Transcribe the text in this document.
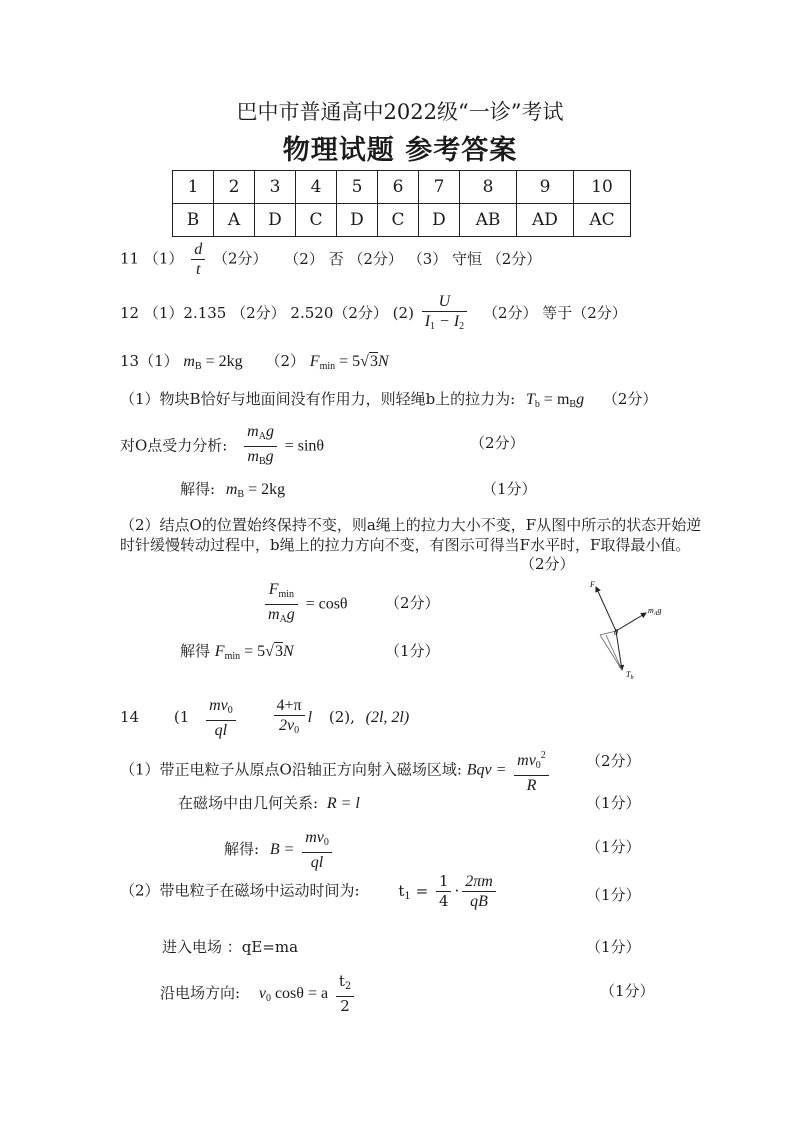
巴中市普通高中2022级“一诊”考试
物理试题 参考答案
1	2	3	4	5	6	7	8	9	10
B	A	D	C	D	C	D	AB	AD	AC
11 $(1) \frac{d}{t} (2$分） （2） 否 （2分） （3） 守恒 （2分）
12 （1）2.135 （2分） 2.520（2分） $(2) \frac{U}{I_1 - I_2} (2$分） 等于（2分）
13（1） $m_B = 2kg$ （2） $F_{min} = 5√3N$
（1）物块B恰好与地面间没有作用力，则轻绳b上的拉力为: $T_b = m_Bg$ （2分）
对O点受力分析: $\frac{m_Ag}{m_Bg} = \sin\theta$	（2分）
解得: $m_B = 2kg$	（1分）
（2）结点O的位置始终保持不变，则a绳上的拉力大小不变，F从图中所示的状态开始逆
时针缓慢转动过程中，b绳上的拉力方向不变，有图示可得当F水平时，F取得最小值。
（2分）
$\frac{F_{min}}{m_Ag} = \cos\theta$ （2分）
解得 $F_{min} = 5√3N$	（1分）
F
$m_Ag$
θ
$T_b$
14 ($1 \frac{mv_0}{ql}$
$\frac{4+\pi}{2v_0}$ l (2), (2l, 2l)
（1）带正电粒子从原点O沿轴正方向射入磁场区域: Bqv = $\frac{mv_0^2}{R} (2$分）
在磁场中由几何关系: R = l	（1分）
解得: $B = \frac{mv_0}{ql}$	（1分）
（2）带电粒子在磁场中运动时间为:	$t_1 = \frac{1}{4} \cdot \frac{2\pi m}{qB}$	（1分）
进入电场 ：qE=ma	（1分）
沿电场方向: $v_0$ cosθ = a $\frac{t_2}{2}$	（1分）
